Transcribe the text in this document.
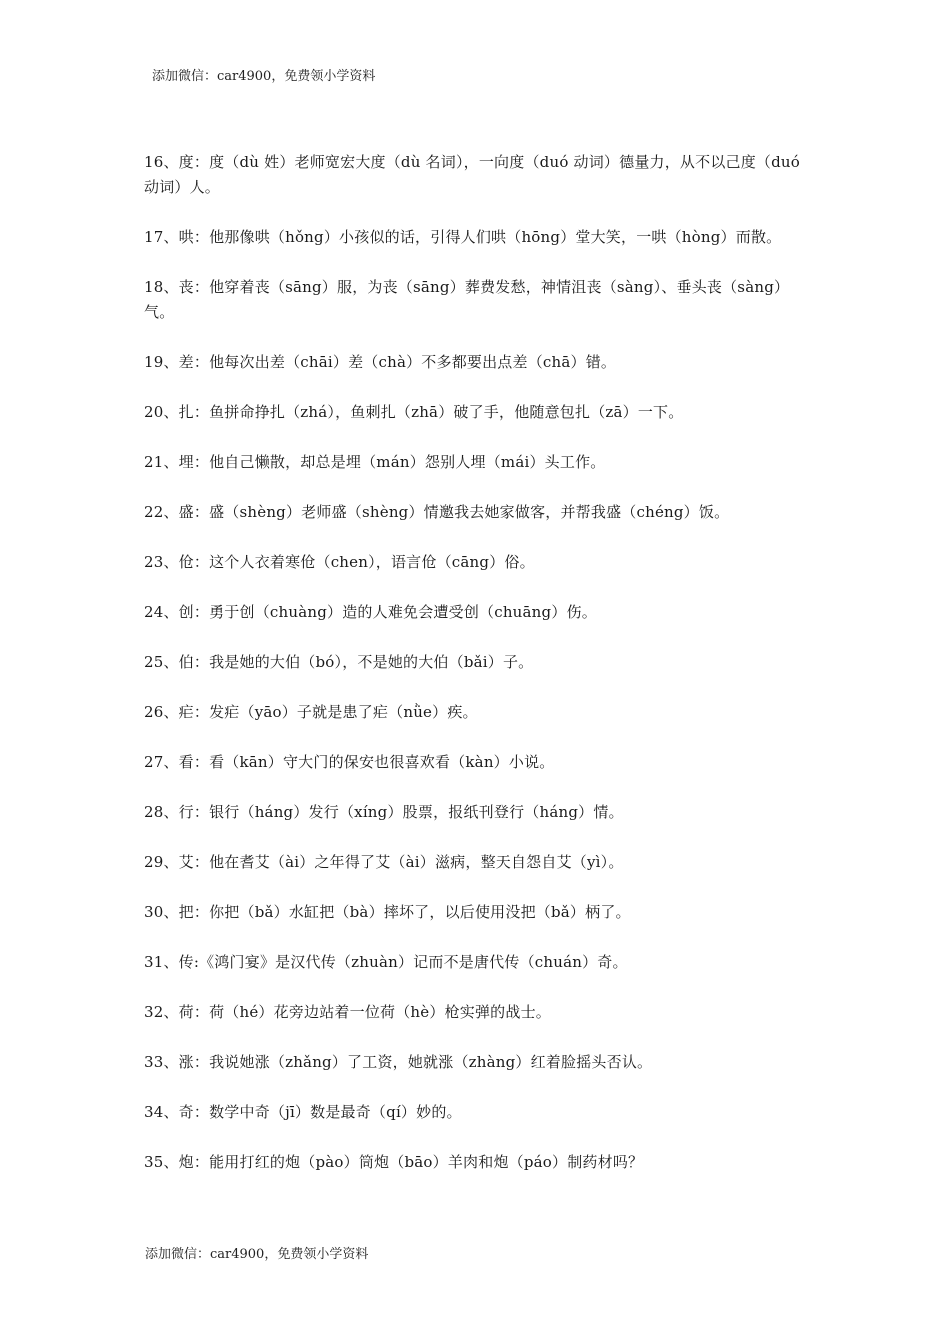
添加微信：car4900，免费领小学资料

16、度：度（dù 姓）老师宽宏大度（dù 名词），一向度（duó 动词）德量力，从不以己度（duó 动词）人。

17、哄：他那像哄（hǒng）小孩似的话，引得人们哄（hōng）堂大笑，一哄（hòng）而散。

18、丧：他穿着丧（sāng）服，为丧（sāng）葬费发愁，神情沮丧（sàng）、垂头丧（sàng）气。

19、差：他每次出差（chāi）差（chà）不多都要出点差（chā）错。

20、扎：鱼拼命挣扎（zhá），鱼刺扎（zhā）破了手，他随意包扎（zā）一下。

21、埋：他自己懒散，却总是埋（mán）怨别人埋（mái）头工作。

22、盛：盛（shèng）老师盛（shèng）情邀我去她家做客，并帮我盛（chéng）饭。

23、伧：这个人衣着寒伧（chen），语言伧（cāng）俗。

24、创：勇于创（chuàng）造的人难免会遭受创（chuāng）伤。

25、伯：我是她的大伯（bó），不是她的大伯（bǎi）子。

26、疟：发疟（yāo）子就是患了疟（nǜe）疾。

27、看：看（kān）守大门的保安也很喜欢看（kàn）小说。

28、行：银行（háng）发行（xíng）股票，报纸刊登行（háng）情。

29、艾：他在耆艾（ài）之年得了艾（ài）滋病，整天自怨自艾（yì）。

30、把：你把（bǎ）水缸把（bà）摔坏了，以后使用没把（bǎ）柄了。

31、传:《鸿门宴》是汉代传（zhuàn）记而不是唐代传（chuán）奇。

32、荷：荷（hé）花旁边站着一位荷（hè）枪实弹的战士。

33、涨：我说她涨（zhǎng）了工资，她就涨（zhàng）红着脸摇头否认。

34、奇：数学中奇（jī）数是最奇（qí）妙的。

35、炮：能用打红的炮（pào）筒炮（bāo）羊肉和炮（páo）制药材吗？

添加微信：car4900，免费领小学资料
